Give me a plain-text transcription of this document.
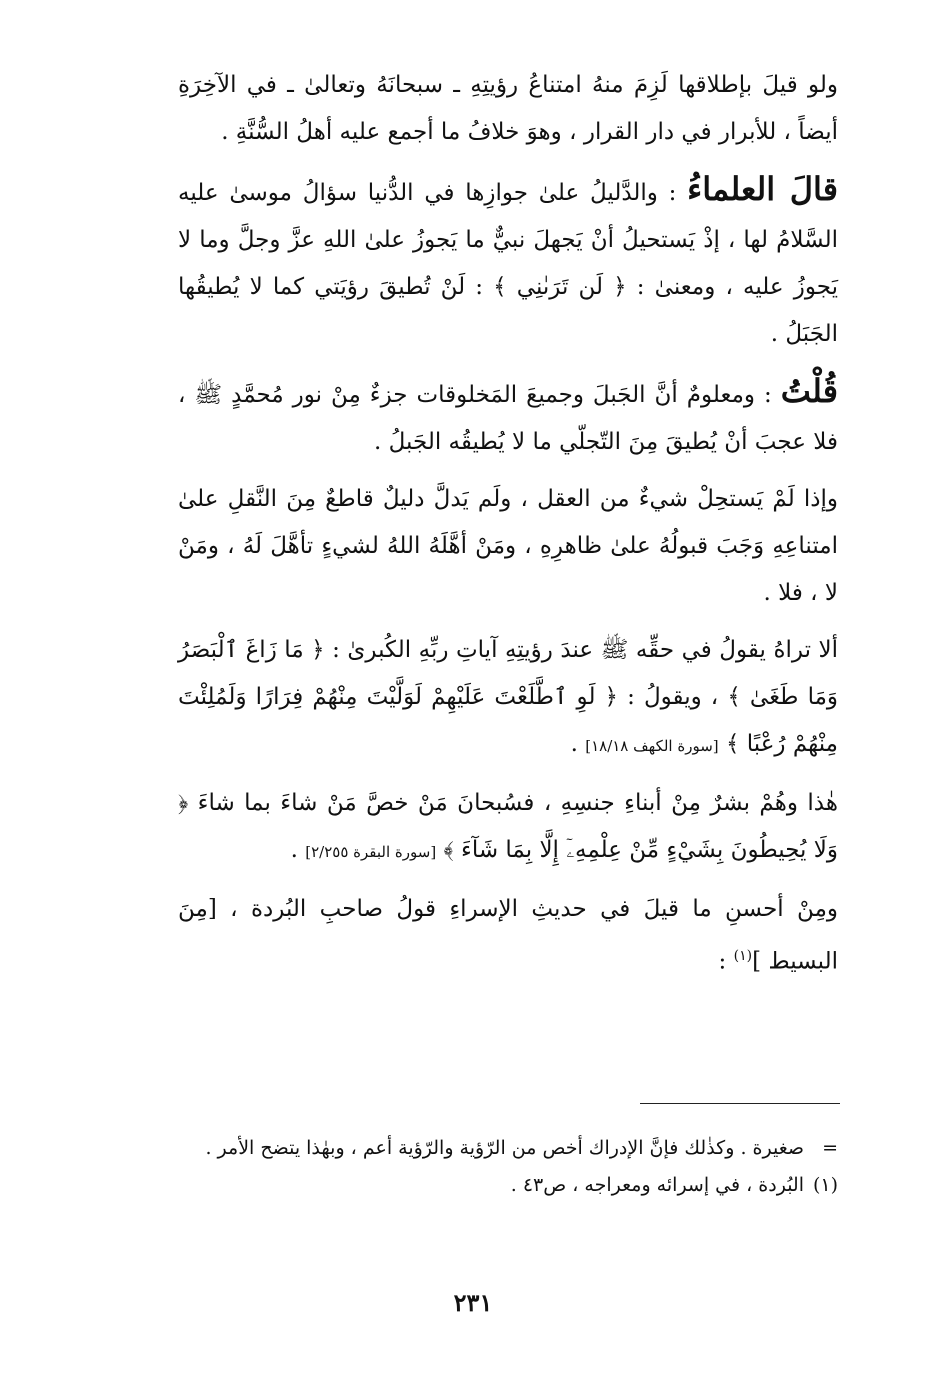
ولو قيلَ بإطلاقها لَزِمَ منهُ امتناعُ رؤيتِهِ ـ سبحانَهُ وتعالىٰ ـ في الآخِرَةِ أيضاً ، للأبرار في دار القرار ، وهوَ خلافُ ما أجمع عليه أهلُ السُّنَّةِ .

قالَ العلماءُ : والدَّليلُ علىٰ جوازِها في الدُّنيا سؤالُ موسىٰ عليه السَّلامُ لها ، إذْ يَستحيلُ أنْ يَجهلَ نبيٌّ ما يَجوزُ علىٰ اللهِ عزَّ وجلَّ وما لا يَجوزُ عليه ، ومعنىٰ : ﴿ لَن تَرَىٰنِي ﴾ : لَنْ تُطيقَ رؤيَتي كما لا يُطيقُها الجَبَلُ .

قُلْتُ : ومعلومٌ أنَّ الجَبلَ وجميعَ المَخلوقات جزءٌ مِنْ نور مُحمَّدٍ ﷺ ، فلا عجبَ أنْ يُطيقَ مِنَ التّجلّي ما لا يُطيقُه الجَبلُ .

وإذا لَمْ يَستحِلْ شيءٌ من العقل ، ولَم يَدلَّ دليلٌ قاطعٌ مِنَ النَّقلِ علىٰ امتناعِهِ وَجَبَ قبولُهُ علىٰ ظاهرِهِ ، ومَنْ أهَّلَهُ اللهُ لشيءٍ تأهَّلَ لَهُ ، ومَنْ لا ، فلا .

ألا تراهُ يقولُ في حقِّه ﷺ عندَ رؤيتِهِ آياتِ ربِّهِ الكُبرىٰ : ﴿ مَا زَاغَ ٱلْبَصَرُ وَمَا طَغَىٰ ﴾ ، ويقولُ : ﴿ لَوِ ٱطَّلَعْتَ عَلَيْهِمْ لَوَلَّيْتَ مِنْهُمْ فِرَارًا وَلَمُلِئْتَ مِنْهُمْ رُعْبًا ﴾ [سورة الكهف ١٨/١٨] .

هٰذا وهُمْ بشرٌ مِنْ أبناءِ جنسِهِ ، فسُبحانَ مَنْ خصَّ مَنْ شاءَ بما شاءَ ﴿ وَلَا يُحِيطُونَ بِشَيْءٍ مِّنْ عِلْمِهِۦٓ إِلَّا بِمَا شَآءَ ﴾ [سورة البقرة ٢/٢٥٥] .

ومِنْ أحسنِ ما قيلَ في حديثِ الإسراءِ قولُ صاحبِ البُردة ، [مِنَ البسيط ]$^{(١)}$ :

=صغيرة . وكذٰلك فإنَّ الإدراك أخص من الرّؤية والرّؤية أعم ، وبهٰذا يتضح الأمر .

(١)البُردة ، في إسرائه ومعراجه ، ص٤٣ .

٢٣١
